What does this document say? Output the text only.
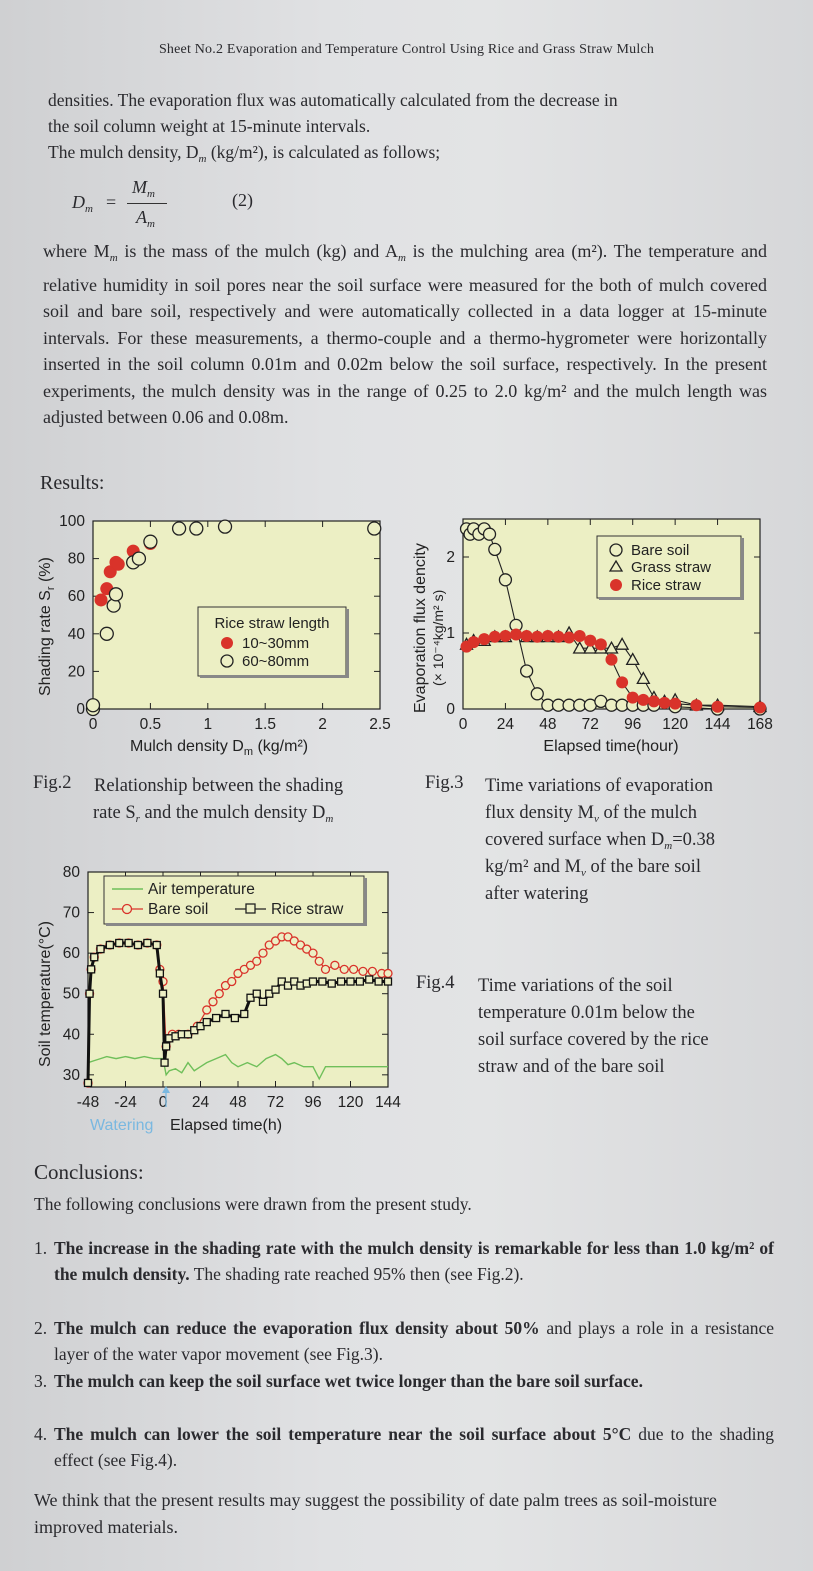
Sheet No.2 Evaporation and Temperature Control Using Rice and Grass Straw Mulch
densities. The evaporation flux was automatically calculated from the decrease in
the soil column weight at 15-minute intervals.
The mulch density, $D_m$ (kg/m²), is calculated as follows;
$D_m$ =
$M_m$
$A_m$
(2)
where $M_m$ is the mass of the mulch (kg) and $A_m$ is the mulching area (m²). The temperature and relative humidity in soil pores near the soil surface were measured for the both of mulch covered soil and bare soil, respectively and were automatically collected in a data logger at 15-minute intervals. For these measurements, a thermo-couple and a thermo-hygrometer were horizontally inserted in the soil column 0.01m and 0.02m below the soil surface, respectively. In the present experiments, the mulch density was in the range of 0.25 to 2.0 kg/m² and the mulch length was adjusted between 0.06 and 0.08m.
Results:
0	0.5	1	1.5	2	2.5
0
20
40
60
80
100
Rice straw length
10~30mm
60~80mm
Mulch density $D_m$ (kg/m²)
Shading rate $S_r$ (%)
0 24 48 72 96 120 144 168
0
1
2	Bare soil
Grass straw
Rice straw
Elapsed time(hour)
Evaporation flux dencity (× 10⁻⁴kg/m² s)
Fig.2 Relationship between the shading
rate $S_r$ and the mulch density $D_m$
Fig.3 Time variations of evaporation
flux density $M_v$ of the mulch
covered surface when $D_m=0.38$
kg/m² and $M_v$ of the bare soil
after watering
-48 -24 0 24 48 72 96 120 144
30
40
50
60
70
80
Air temperature
Bare soil	Rice straw
Watering Elapsed time(h)
Soil temperature(°C)	Fig.4 Time variations of the soil
temperature 0.01m below the
soil surface covered by the rice
straw and of the bare soil
Conclusions:
The following conclusions were drawn from the present study.
1. The increase in the shading rate with the mulch density is remarkable for less than 1.0 kg/m² of the mulch density. The shading rate reached 95% then (see Fig.2).
2. The mulch can reduce the evaporation flux density about 50% and plays a role in a resistance layer of the water vapor movement (see Fig.3).
3. The mulch can keep the soil surface wet twice longer than the bare soil surface.
4. The mulch can lower the soil temperature near the soil surface about 5°C due to the shading effect (see Fig.4).
We think that the present results may suggest the possibility of date palm trees as soil-moisture improved materials.
